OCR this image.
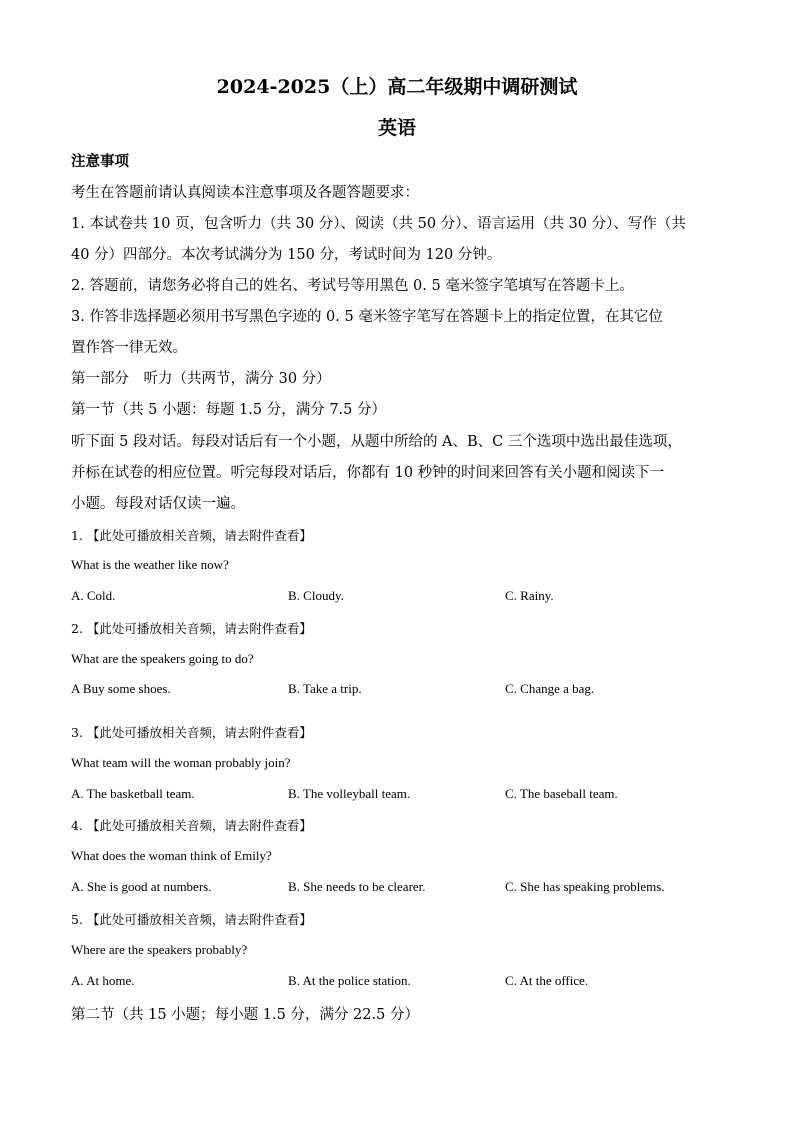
2024-2025（上）高二年级期中调研测试
英语
注意事项
考生在答题前请认真阅读本注意事项及各题答题要求：
1. 本试卷共 10 页，包含听力（共 30 分）、阅读（共 50 分）、语言运用（共 30 分）、写作（共
40 分）四部分。本次考试满分为 150 分，考试时间为 120 分钟。
2. 答题前，请您务必将自己的姓名、考试号等用黑色 0. 5 毫米签字笔填写在答题卡上。
3. 作答非选择题必须用书写黑色字迹的 0. 5 毫米签字笔写在答题卡上的指定位置，在其它位
置作答一律无效。
第一部分　听力（共两节，满分 30 分）
第一节（共 5 小题：每题 1.5 分，满分 7.5 分）
听下面 5 段对话。每段对话后有一个小题，从题中所给的 A、B、C 三个选项中选出最佳选项，
并标在试卷的相应位置。听完每段对话后，你都有 10 秒钟的时间来回答有关小题和阅读下一
小题。每段对话仅读一遍。
1. 【此处可播放相关音频，请去附件查看】
What is the weather like now?
A. Cold.	B. Cloudy.	C. Rainy.
2. 【此处可播放相关音频，请去附件查看】
What are the speakers going to do?
A Buy some shoes.	B. Take a trip.	C. Change a bag.
3. 【此处可播放相关音频，请去附件查看】
What team will the woman probably join?
A. The basketball team.	B. The volleyball team.	C. The baseball team.
4. 【此处可播放相关音频，请去附件查看】
What does the woman think of Emily?
A. She is good at numbers.	B. She needs to be clearer.	C. She has speaking problems.
5. 【此处可播放相关音频，请去附件查看】
Where are the speakers probably?
A. At home.	B. At the police station.	C. At the office.
第二节（共 15 小题；每小题 1.5 分，满分 22.5 分）
